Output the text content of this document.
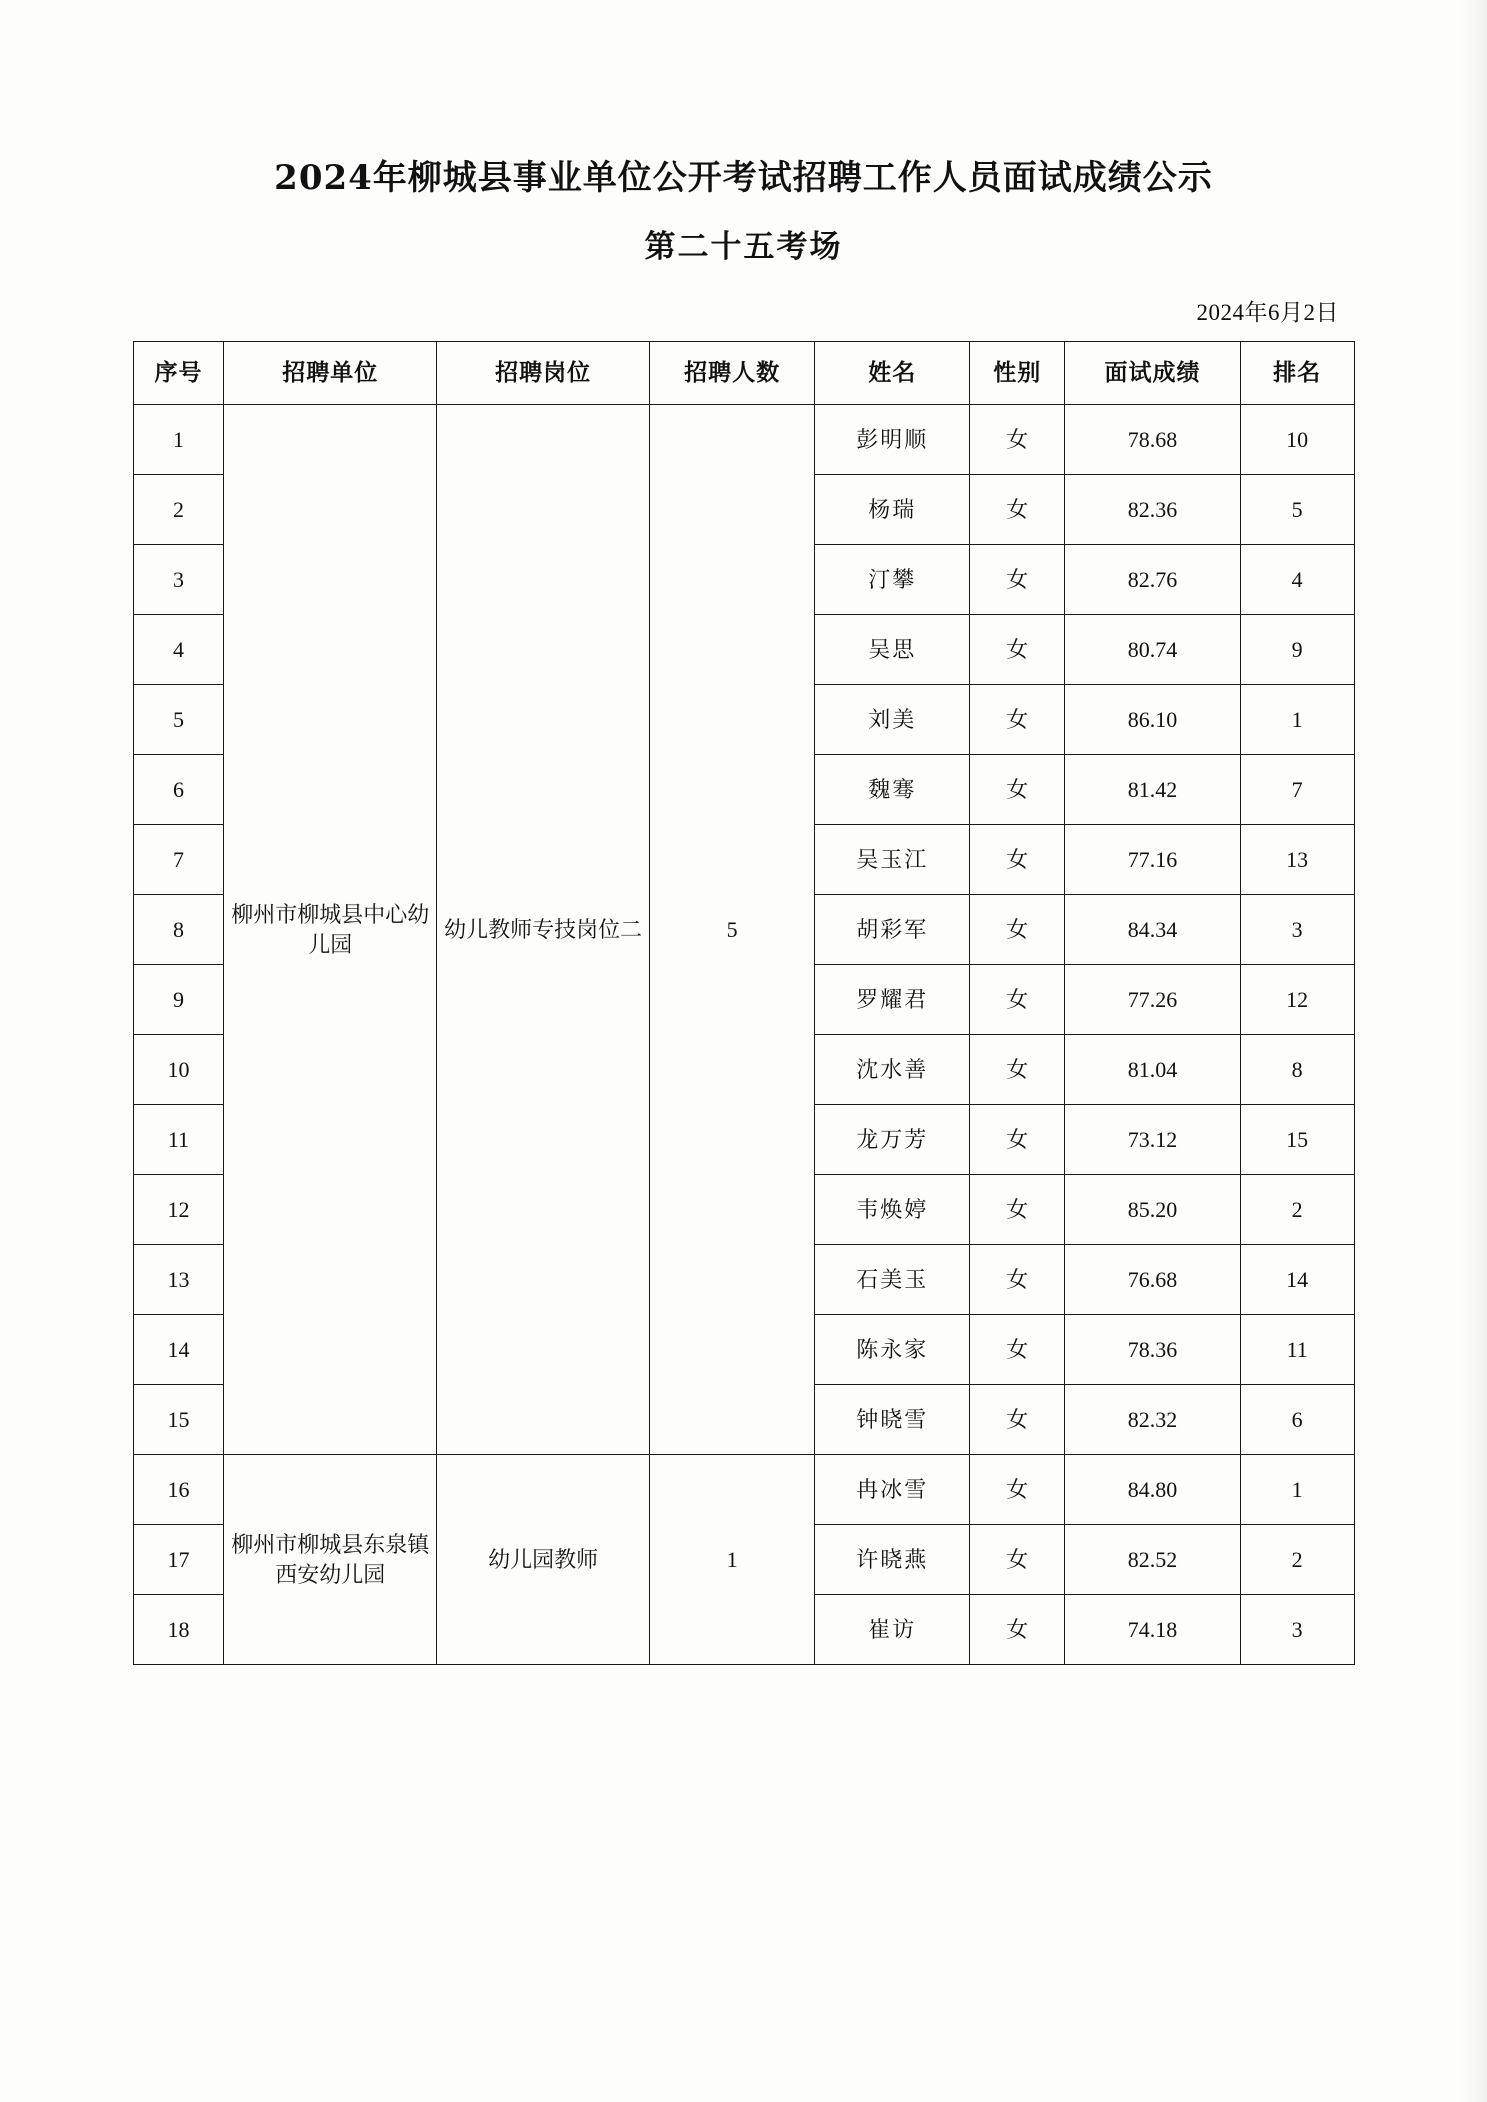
2024年柳城县事业单位公开考试招聘工作人员面试成绩公示
第二十五考场
2024年6月2日
序号	招聘单位	招聘岗位	招聘人数	姓名	性别	面试成绩	排名
1	柳州市柳城县中心幼儿园	幼儿教师专技岗位二	5	彭明顺	女	78.68	10
2				杨瑞	女	82.36	5
3				汀攀	女	82.76	4
4				吴思	女	80.74	9
5				刘美	女	86.10	1
6				魏骞	女	81.42	7
7				吴玉江	女	77.16	13
8				胡彩军	女	84.34	3
9				罗耀君	女	77.26	12
10				沈水善	女	81.04	8
11				龙万芳	女	73.12	15
12				韦焕婷	女	85.20	2
13				石美玉	女	76.68	14
14				陈永家	女	78.36	11
15				钟晓雪	女	82.32	6
16	柳州市柳城县东泉镇西安幼儿园	幼儿园教师	1	冉冰雪	女	84.80	1
17				许晓燕	女	82.52	2
18				崔访	女	74.18	3
